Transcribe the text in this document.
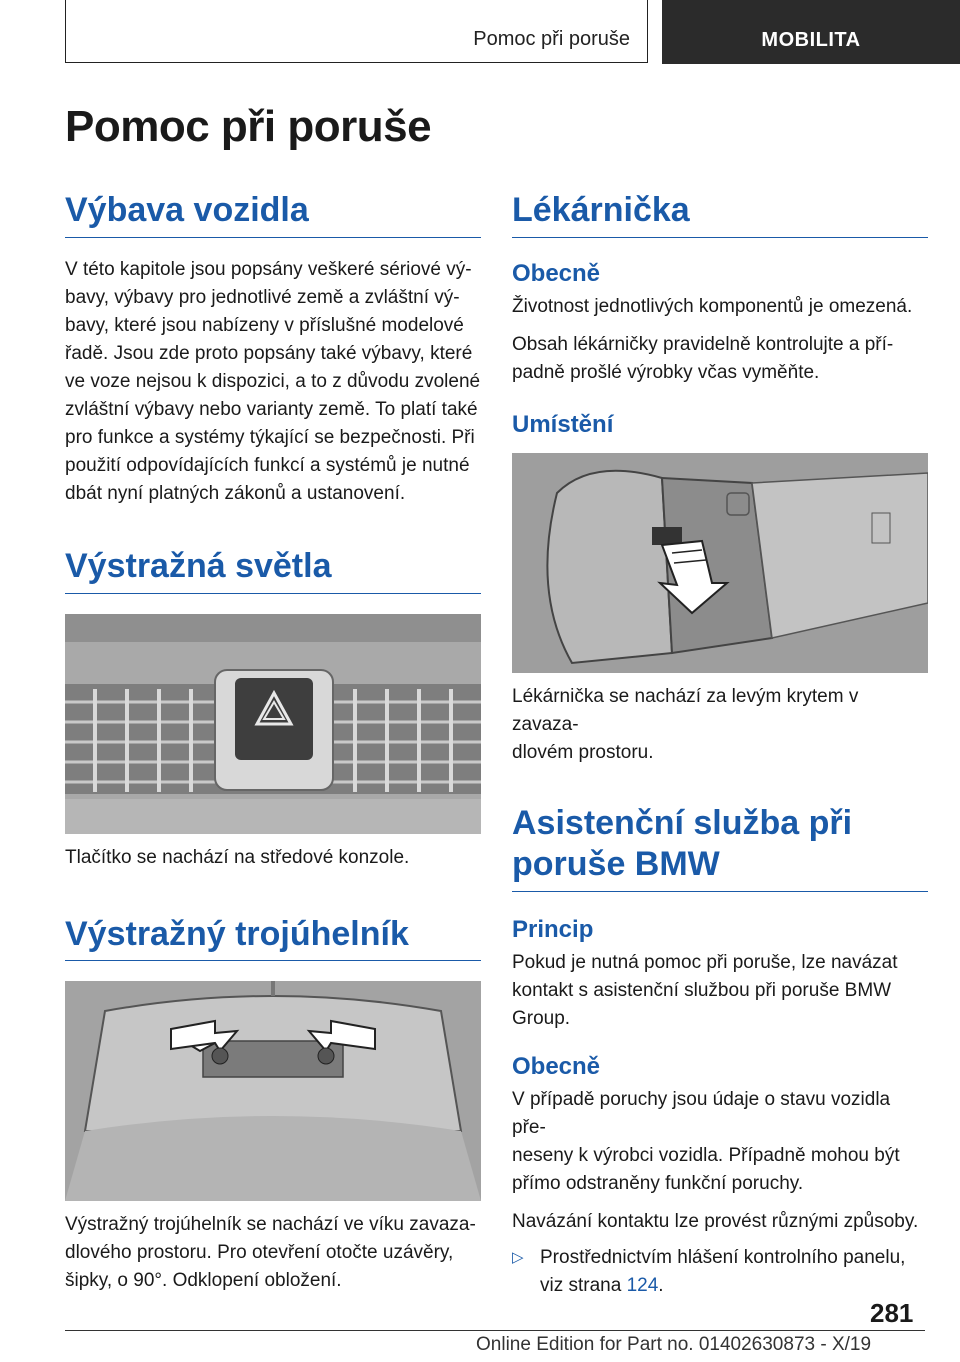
Pomoc při poruše	MOBILITA
Pomoc při poruše
Výbava vozidla

V této kapitole jsou popsány veškeré sériové vý-
bavy, výbavy pro jednotlivé země a zvláštní vý-
bavy, které jsou nabízeny v příslušné modelové
řadě. Jsou zde proto popsány také výbavy, které
ve voze nejsou k dispozici, a to z důvodu zvolené
zvláštní výbavy nebo varianty země. To platí také
pro funkce a systémy týkající se bezpečnosti. Při
použití odpovídajících funkcí a systémů je nutné
dbát nyní platných zákonů a ustanovení.

Výstražná světla

Tlačítko se nachází na středové konzole.

Výstražný trojúhelník

Výstražný trojúhelník se nachází ve víku zavaza-
dlového prostoru. Pro otevření otočte uzávěry,
šipky, o 90°. Odklopení obložení.

Lékárnička
Obecně

Životnost jednotlivých komponentů je omezená.

Obsah lékárničky pravidelně kontrolujte a pří-
padně prošlé výrobky včas vyměňte.

Umístění

Lékárnička se nachází za levým krytem v zavaza-
dlovém prostoru.

Asistenční služba při
poruše BMW
Princip

Pokud je nutná pomoc při poruše, lze navázat
kontakt s asistenční službou při poruše BMW
Group.

Obecně

V případě poruchy jsou údaje o stavu vozidla pře-
neseny k výrobci vozidla. Případně mohou být
přímo odstraněny funkční poruchy.

Navázání kontaktu lze provést různými způsoby.

▷ Prostřednictvím hlášení kontrolního panelu,
viz strana 124.
281
Online Edition for Part no. 01402630873 - X/19
